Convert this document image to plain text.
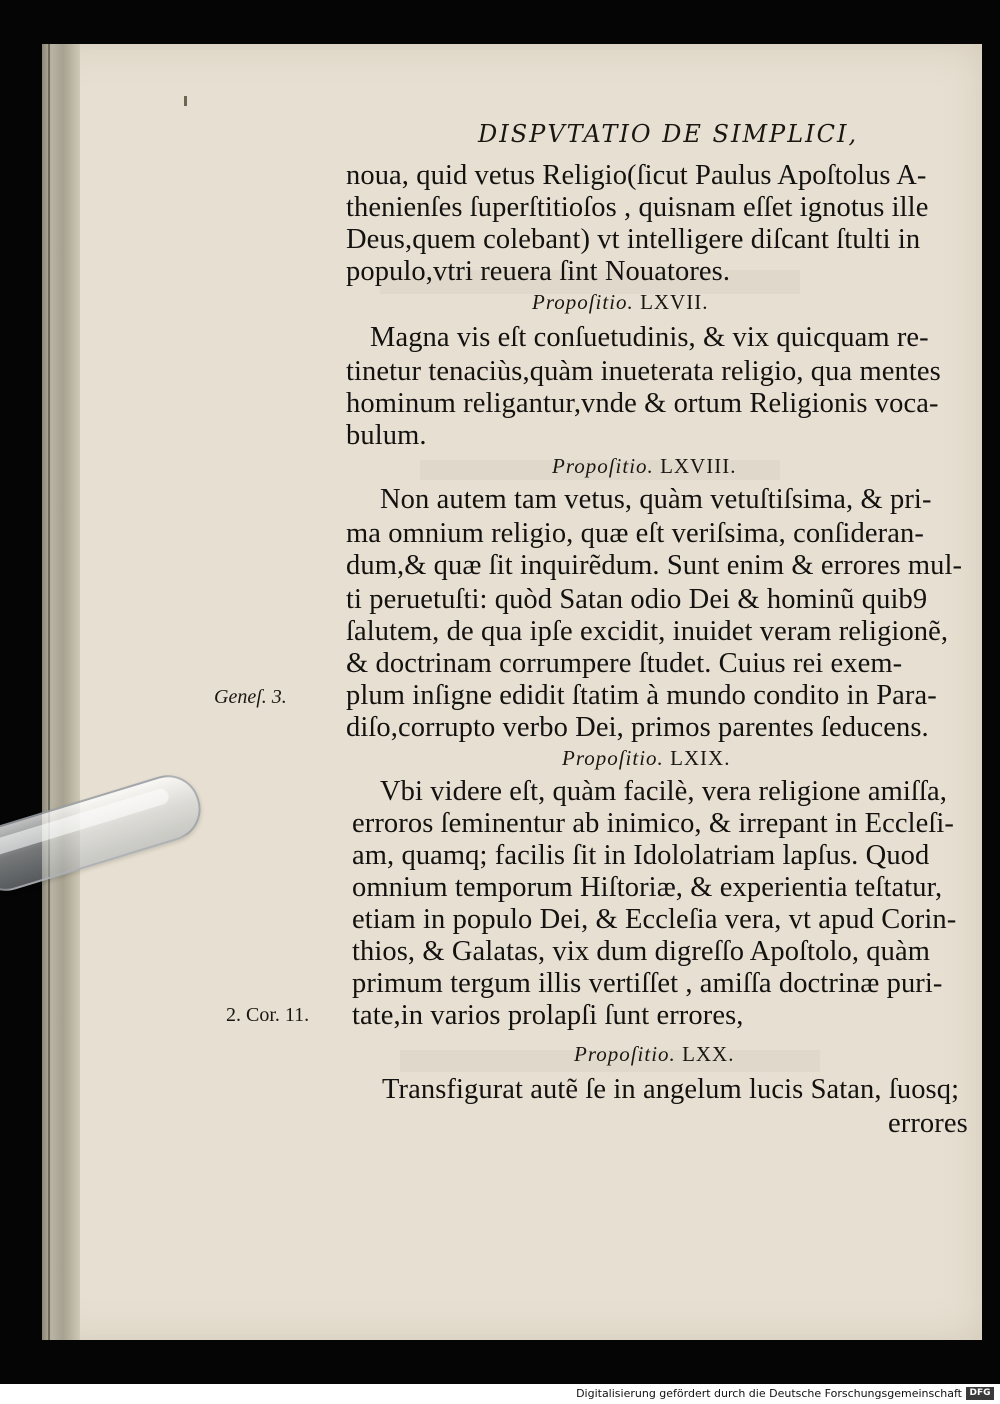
DISPVTATIO DE SIMPLICI,
noua, quid vetus Religio(ſicut Paulus Apoſtolus A-
thenienſes ſuperſtitioſos , quisnam eſſet ignotus ille
Deus,quem colebant) vt intelligere diſcant ſtulti in
populo,vtri reuera ſint Nouatores.
Propoſitio. LXVII.
Magna vis eſt conſuetudinis, & vix quicquam re-
tinetur tenaciùs,quàm inueterata religio, qua mentes
hominum religantur,vnde & ortum Religionis voca-
bulum.
Propoſitio. LXVIII.
Non autem tam vetus, quàm vetuſtiſsima, & pri-
ma omnium religio, quæ eſt veriſsima, conſideran-
dum,& quæ ſit inquirẽdum. Sunt enim & errores mul-
ti peruetuſti: quòd Satan odio Dei & hominũ quib9
ſalutem, de qua ipſe excidit, inuidet veram religionẽ,
& doctrinam corrumpere ſtudet. Cuius rei exem-
plum inſigne edidit ſtatim à mundo condito in Para-
diſo,corrupto verbo Dei, primos parentes ſeducens.
Geneſ. 3.
Propoſitio. LXIX.
Vbi videre eſt, quàm facilè, vera religione amiſſa,
erroros ſeminentur ab inimico, & irrepant in Eccleſi-
am, quamq; facilis ſit in Idololatriam lapſus. Quod
omnium temporum Hiſtoriæ, & experientia teſtatur,
etiam in populo Dei, & Eccleſia vera, vt apud Corin-
thios, & Galatas, vix dum digreſſo Apoſtolo, quàm
primum tergum illis vertiſſet , amiſſa doctrinæ puri-
tate,in varios prolapſi ſunt errores,
2. Cor. 11.
Propoſitio. LXX.
Transfigurat autẽ ſe in angelum lucis Satan, ſuosq;
errores
Digitalisierung gefördert durch die Deutsche Forschungsgemeinschaft DFG
